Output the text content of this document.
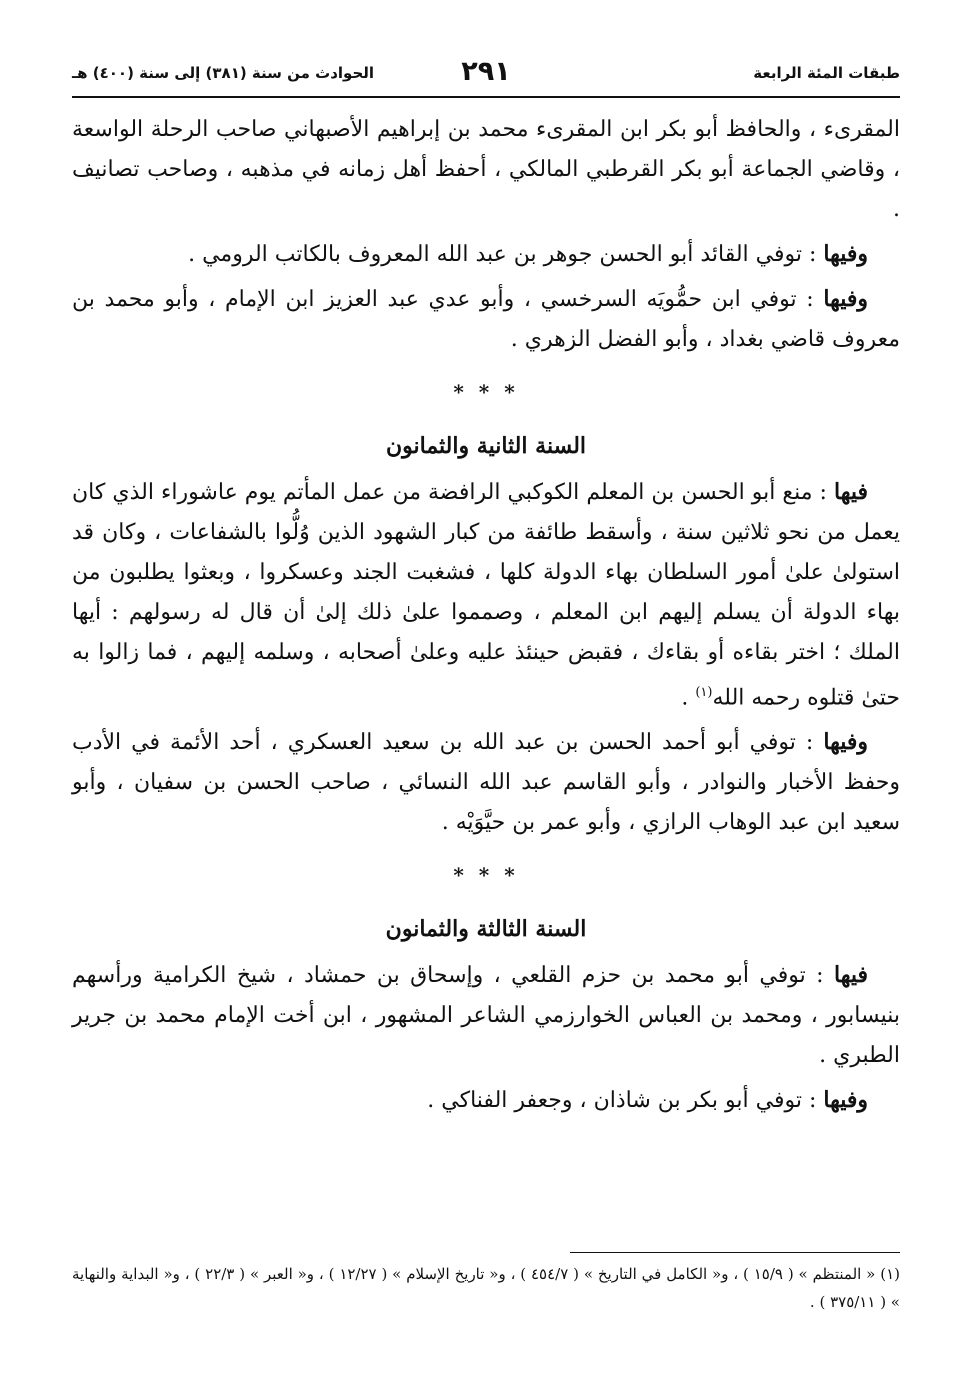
طبقات المئة الرابعة
٢٩١
الحوادث من سنة (٣٨١) إلى سنة (٤٠٠) هـ

المقرىء ، والحافظ أبو بكر ابن المقرىء محمد بن إبراهيم الأصبهاني صاحب الرحلة الواسعة ، وقاضي الجماعة أبو بكر القرطبي المالكي ، أحفظ أهل زمانه في مذهبه ، وصاحب تصانيف .

وفيها : توفي القائد أبو الحسن جوهر بن عبد الله المعروف بالكاتب الرومي .

وفيها : توفي ابن حمُّويَه السرخسي ، وأبو عدي عبد العزيز ابن الإمام ، وأبو محمد بن معروف قاضي بغداد ، وأبو الفضل الزهري .

* * *
السنة الثانية والثمانون

فيها : منع أبو الحسن بن المعلم الكوكبي الرافضة من عمل المأتم يوم عاشوراء الذي كان يعمل من نحو ثلاثين سنة ، وأسقط طائفة من كبار الشهود الذين وُلُّوا بالشفاعات ، وكان قد استولىٰ علىٰ أمور السلطان بهاء الدولة كلها ، فشغبت الجند وعسكروا ، وبعثوا يطلبون من بهاء الدولة أن يسلم إليهم ابن المعلم ، وصمموا علىٰ ذلك إلىٰ أن قال له رسولهم : أيها الملك ؛ اختر بقاءه أو بقاءك ، فقبض حينئذ عليه وعلىٰ أصحابه ، وسلمه إليهم ، فما زالوا به حتىٰ قتلوه رحمه الله$^{(١)}$ .

وفيها : توفي أبو أحمد الحسن بن عبد الله بن سعيد العسكري ، أحد الأئمة في الأدب وحفظ الأخبار والنوادر ، وأبو القاسم عبد الله النسائي ، صاحب الحسن بن سفيان ، وأبو سعيد ابن عبد الوهاب الرازي ، وأبو عمر بن حيَّوَيْه .

* * *
السنة الثالثة والثمانون

فيها : توفي أبو محمد بن حزم القلعي ، وإسحاق بن حمشاد ، شيخ الكرامية ورأسهم بنيسابور ، ومحمد بن العباس الخوارزمي الشاعر المشهور ، ابن أخت الإمام محمد بن جرير الطبري .

وفيها : توفي أبو بكر بن شاذان ، وجعفر الفناكي .

(١) « المنتظم » ( ١٥/٩ ) ، و« الكامل في التاريخ » ( ٤٥٤/٧ ) ، و« تاريخ الإسلام » ( ١٢/٢٧ ) ، و« العبر » ( ٢٢/٣ ) ، و« البداية والنهاية » ( ٣٧٥/١١ ) .
